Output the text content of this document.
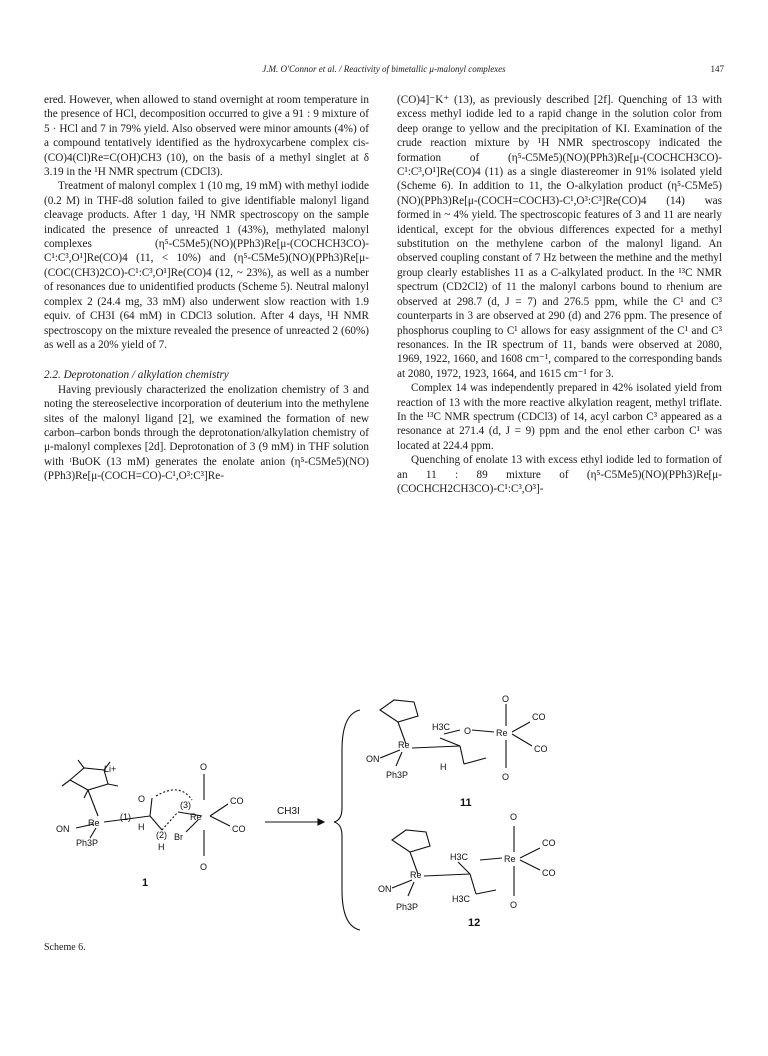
J.M. O'Connor et al. / Reactivity of bimetallic μ-malonyl complexes	147

ered. However, when allowed to stand overnight at room temperature in the presence of HCl, decomposition occurred to give a 91 : 9 mixture of 5 · HCl and 7 in 79% yield. Also observed were minor amounts (4%) of a compound tentatively identified as the hydroxycarbene complex cis-(CO)4(Cl)Re=C(OH)CH3 (10), on the basis of a methyl singlet at δ 3.19 in the ¹H NMR spectrum (CDCl3).

Treatment of malonyl complex 1 (10 mg, 19 mM) with methyl iodide (0.2 M) in THF-d8 solution failed to give identifiable malonyl ligand cleavage products. After 1 day, ¹H NMR spectroscopy on the sample indicated the presence of unreacted 1 (43%), methylated malonyl complexes (η⁵-C5Me5)(NO)(PPh3)Re[μ-(COCHCH3CO)-C¹:C³,O¹]Re(CO)4 (11, < 10%) and (η⁵-C5Me5)(NO)(PPh3)Re[μ-(COC(CH3)2CO)-C¹:C³,O¹]Re(CO)4 (12, ~ 23%), as well as a number of resonances due to unidentified products (Scheme 5). Neutral malonyl complex 2 (24.4 mg, 33 mM) also underwent slow reaction with 1.9 equiv. of CH3I (64 mM) in CDCl3 solution. After 4 days, ¹H NMR spectroscopy on the mixture revealed the presence of unreacted 2 (60%) as well as a 20% yield of 7.

2.2. Deprotonation / alkylation chemistry

Having previously characterized the enolization chemistry of 3 and noting the stereoselective incorporation of deuterium into the methylene sites of the malonyl ligand [2], we examined the formation of new carbon–carbon bonds through the deprotonation/alkylation chemistry of μ-malonyl complexes [2d]. Deprotonation of 3 (9 mM) in THF solution with ᵗBuOK (13 mM) generates the enolate anion (η⁵-C5Me5)(NO)(PPh3)Re[μ-(COCH=CO)-C¹,O³:C³]Re-

(CO)4]⁻K⁺ (13), as previously described [2f]. Quenching of 13 with excess methyl iodide led to a rapid change in the solution color from deep orange to yellow and the precipitation of KI. Examination of the crude reaction mixture by ¹H NMR spectroscopy indicated the formation of (η⁵-C5Me5)(NO)(PPh3)Re[μ-(COCHCH3CO)-C¹:C³,O¹]Re(CO)4 (11) as a single diastereomer in 91% isolated yield (Scheme 6). In addition to 11, the O-alkylation product (η⁵-C5Me5)(NO)(PPh3)Re[μ-(COCH=COCH3)-C¹,O³:C³]Re(CO)4 (14) was formed in ~ 4% yield. The spectroscopic features of 3 and 11 are nearly identical, except for the obvious differences expected for a methyl substitution on the methylene carbon of the malonyl ligand. An observed coupling constant of 7 Hz between the methine and the methyl group clearly establishes 11 as a C-alkylated product. In the ¹³C NMR spectrum (CD2Cl2) of 11 the malonyl carbons bound to rhenium are observed at 298.7 (d, J = 7) and 276.5 ppm, while the C¹ and C³ counterparts in 3 are observed at 290 (d) and 276 ppm. The presence of phosphorus coupling to C¹ allows for easy assignment of the C¹ and C³ resonances. In the IR spectrum of 11, bands were observed at 2080, 1969, 1922, 1660, and 1608 cm⁻¹, compared to the corresponding bands at 2080, 1972, 1923, 1664, and 1615 cm⁻¹ for 3.

Complex 14 was independently prepared in 42% isolated yield from reaction of 13 with the more reactive alkylation reagent, methyl triflate. In the ¹³C NMR spectrum (CDCl3) of 14, acyl carbon C³ appeared as a resonance at 271.4 (d, J = 9) ppm and the enol ether carbon C¹ was located at 224.4 ppm.

Quenching of enolate 13 with excess ethyl iodide led to formation of an 11 : 89 mixture of (η⁵-C5Me5)(NO)(PPh3)Re[μ-(COCHCH2CH3CO)-C¹:C³,O³]-

Li+
Re
ON
Ph3P
O
(1)
H
(2)
H
(3)
Re
Br
O
O
CO
CO
Re
ON
Ph3P
H3C O	Re
O
CO
CO
O
H
Re
ON
Ph3P
H3C
H3C
Re
O
CO
CO
O
1
11
12
CH3I
Scheme 6.
